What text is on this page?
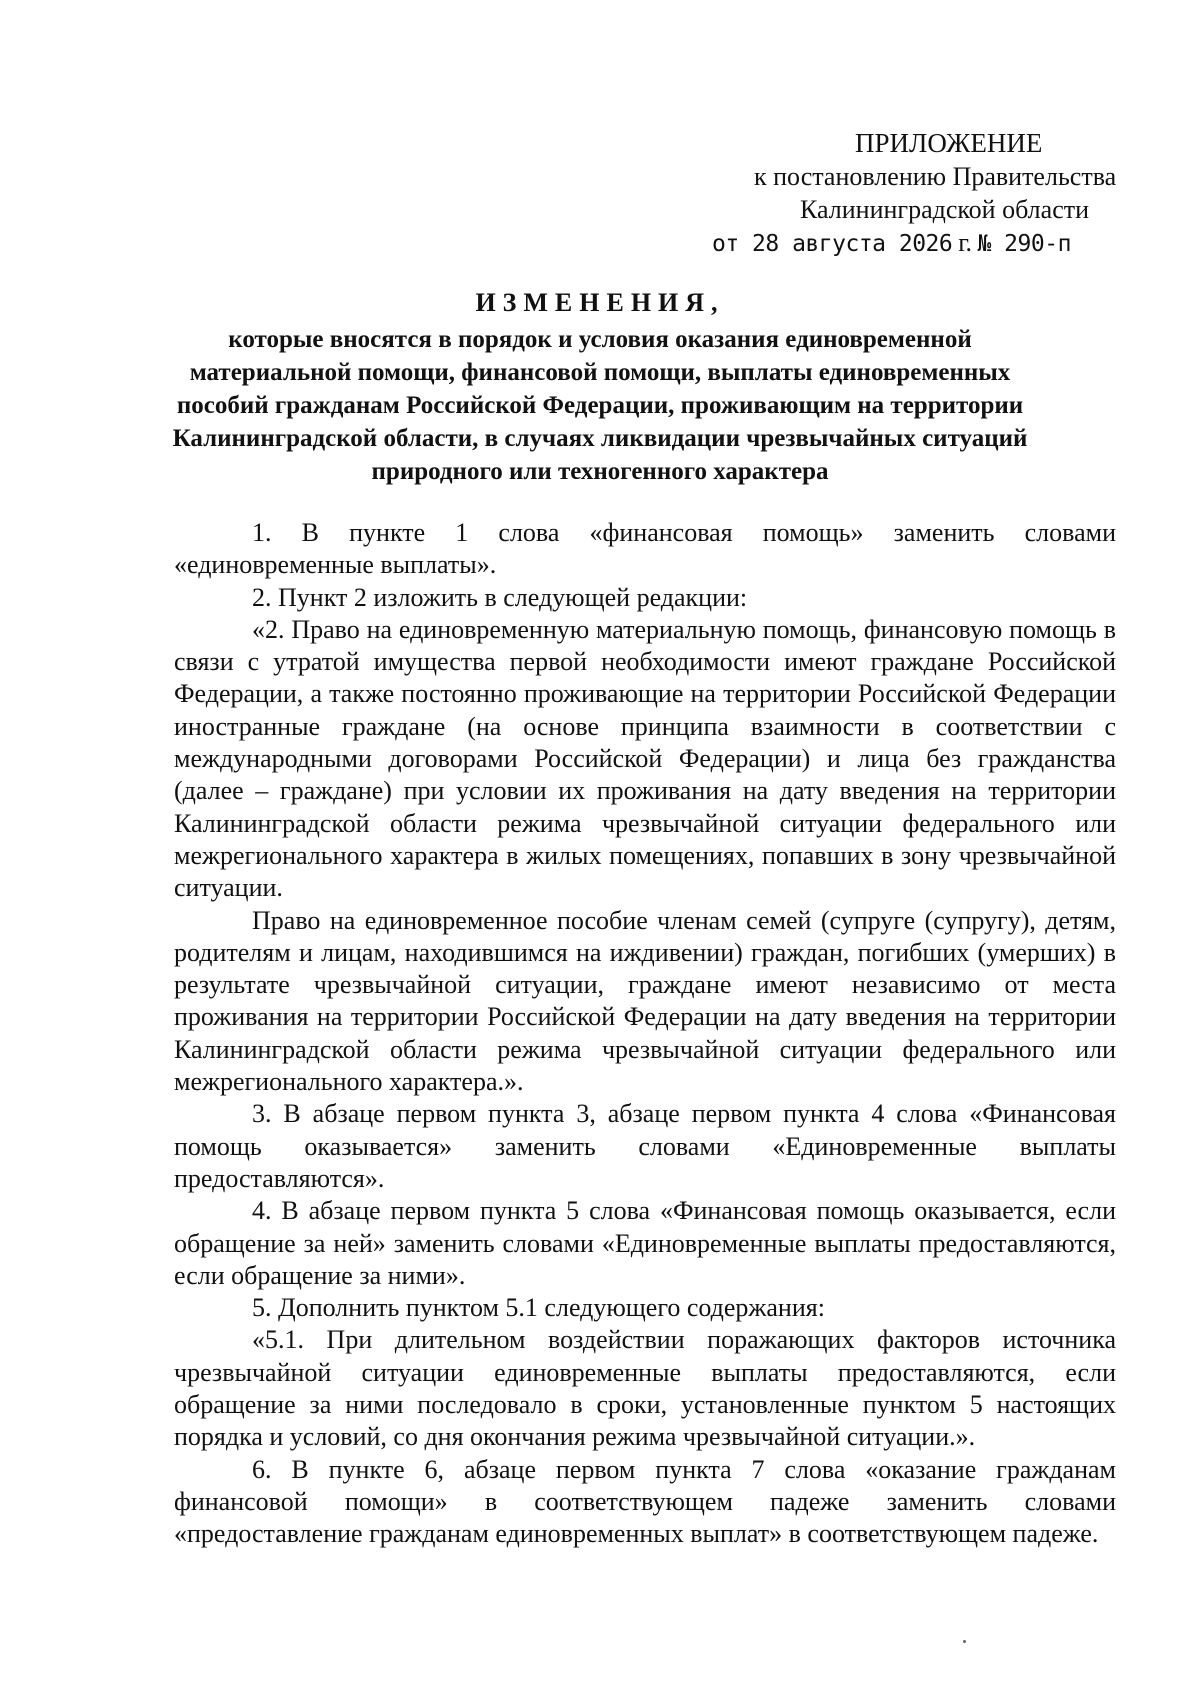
ПРИЛОЖЕНИЕ
к постановлению Правительства
Калининградской области
от 28 августа 2026 г. № 290-п
ИЗМЕНЕНИЯ,
которые вносятся в порядок и условия оказания единовременной материальной помощи, финансовой помощи, выплаты единовременных пособий гражданам Российской Федерации, проживающим на территории Калининградской области, в случаях ликвидации чрезвычайных ситуаций природного или техногенного характера

1. В пункте 1 слова «финансовая помощь» заменить словами «единовременные выплаты».

2. Пункт 2 изложить в следующей редакции:

«2. Право на единовременную материальную помощь, финансовую помощь в связи с утратой имущества первой необходимости имеют граждане Российской Федерации, а также постоянно проживающие на территории Российской Федерации иностранные граждане (на основе принципа взаимности в соответствии с международными договорами Российской Федерации) и лица без гражданства (далее – граждане) при условии их проживания на дату введения на территории Калининградской области режима чрезвычайной ситуации федерального или межрегионального характера в жилых помещениях, попавших в зону чрезвычайной ситуации.

Право на единовременное пособие членам семей (супруге (супругу), детям, родителям и лицам, находившимся на иждивении) граждан, погибших (умерших) в результате чрезвычайной ситуации, граждане имеют независимо от места проживания на территории Российской Федерации на дату введения на территории Калининградской области режима чрезвычайной ситуации федерального или межрегионального характера.».

3. В абзаце первом пункта 3, абзаце первом пункта 4 слова «Финансовая помощь оказывается» заменить словами «Единовременные выплаты предоставляются».

4. В абзаце первом пункта 5 слова «Финансовая помощь оказывается, если обращение за ней» заменить словами «Единовременные выплаты предоставляются, если обращение за ними».

5. Дополнить пунктом 5.1 следующего содержания:

«5.1. При длительном воздействии поражающих факторов источника чрезвычайной ситуации единовременные выплаты предоставляются, если обращение за ними последовало в сроки, установленные пунктом 5 настоящих порядка и условий, со дня окончания режима чрезвычайной ситуации.».

6. В пункте 6, абзаце первом пункта 7 слова «оказание гражданам финансовой помощи» в соответствующем падеже заменить словами «предоставление гражданам единовременных выплат» в соответствующем падеже.
